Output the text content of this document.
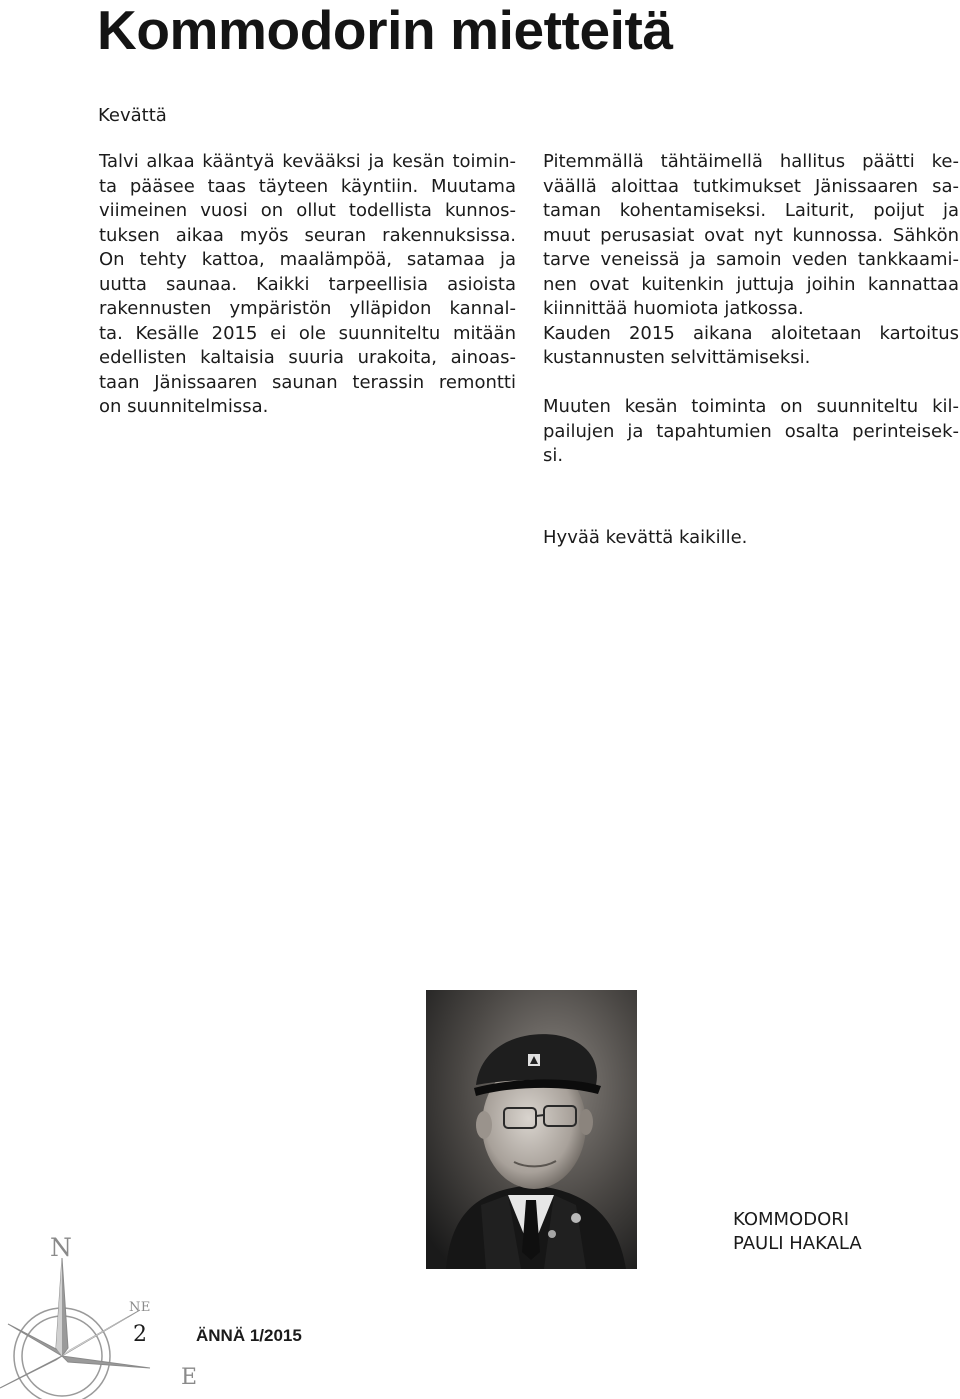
Kommodorin mietteitä
Kevättä
Talvi alkaa kääntyä kevääksi ja kesän toimin-
ta pääsee taas täyteen käyntiin. Muutama
viimeinen vuosi on ollut todellista kunnos-
tuksen aikaa myös seuran rakennuksissa.
On tehty kattoa, maalämpöä, satamaa ja
uutta saunaa. Kaikki tarpeellisia asioista
rakennusten ympäristön ylläpidon kannal-
ta. Kesälle 2015 ei ole suunniteltu mitään
edellisten kaltaisia suuria urakoita, ainoas-
taan Jänissaaren saunan terassin remontti
on suunnitelmissa.
Pitemmällä tähtäimellä hallitus päätti ke-
väällä aloittaa tutkimukset Jänissaaren sa-
taman kohentamiseksi. Laiturit, poijut ja
muut perusasiat ovat nyt kunnossa. Sähkön
tarve veneissä ja samoin veden tankkaami-
nen ovat kuitenkin juttuja joihin kannattaa
kiinnittää huomiota jatkossa.
Kauden 2015 aikana aloitetaan kartoitus
kustannusten selvittämiseksi.
Muuten kesän toiminta on suunniteltu kil-
pailujen ja tapahtumien osalta perinteisek-
si.
Hyvää kevättä kaikille.
KOMMODORI
PAULI HAKALA
N
NE
E
2	ÄNNÄ 1/2015
